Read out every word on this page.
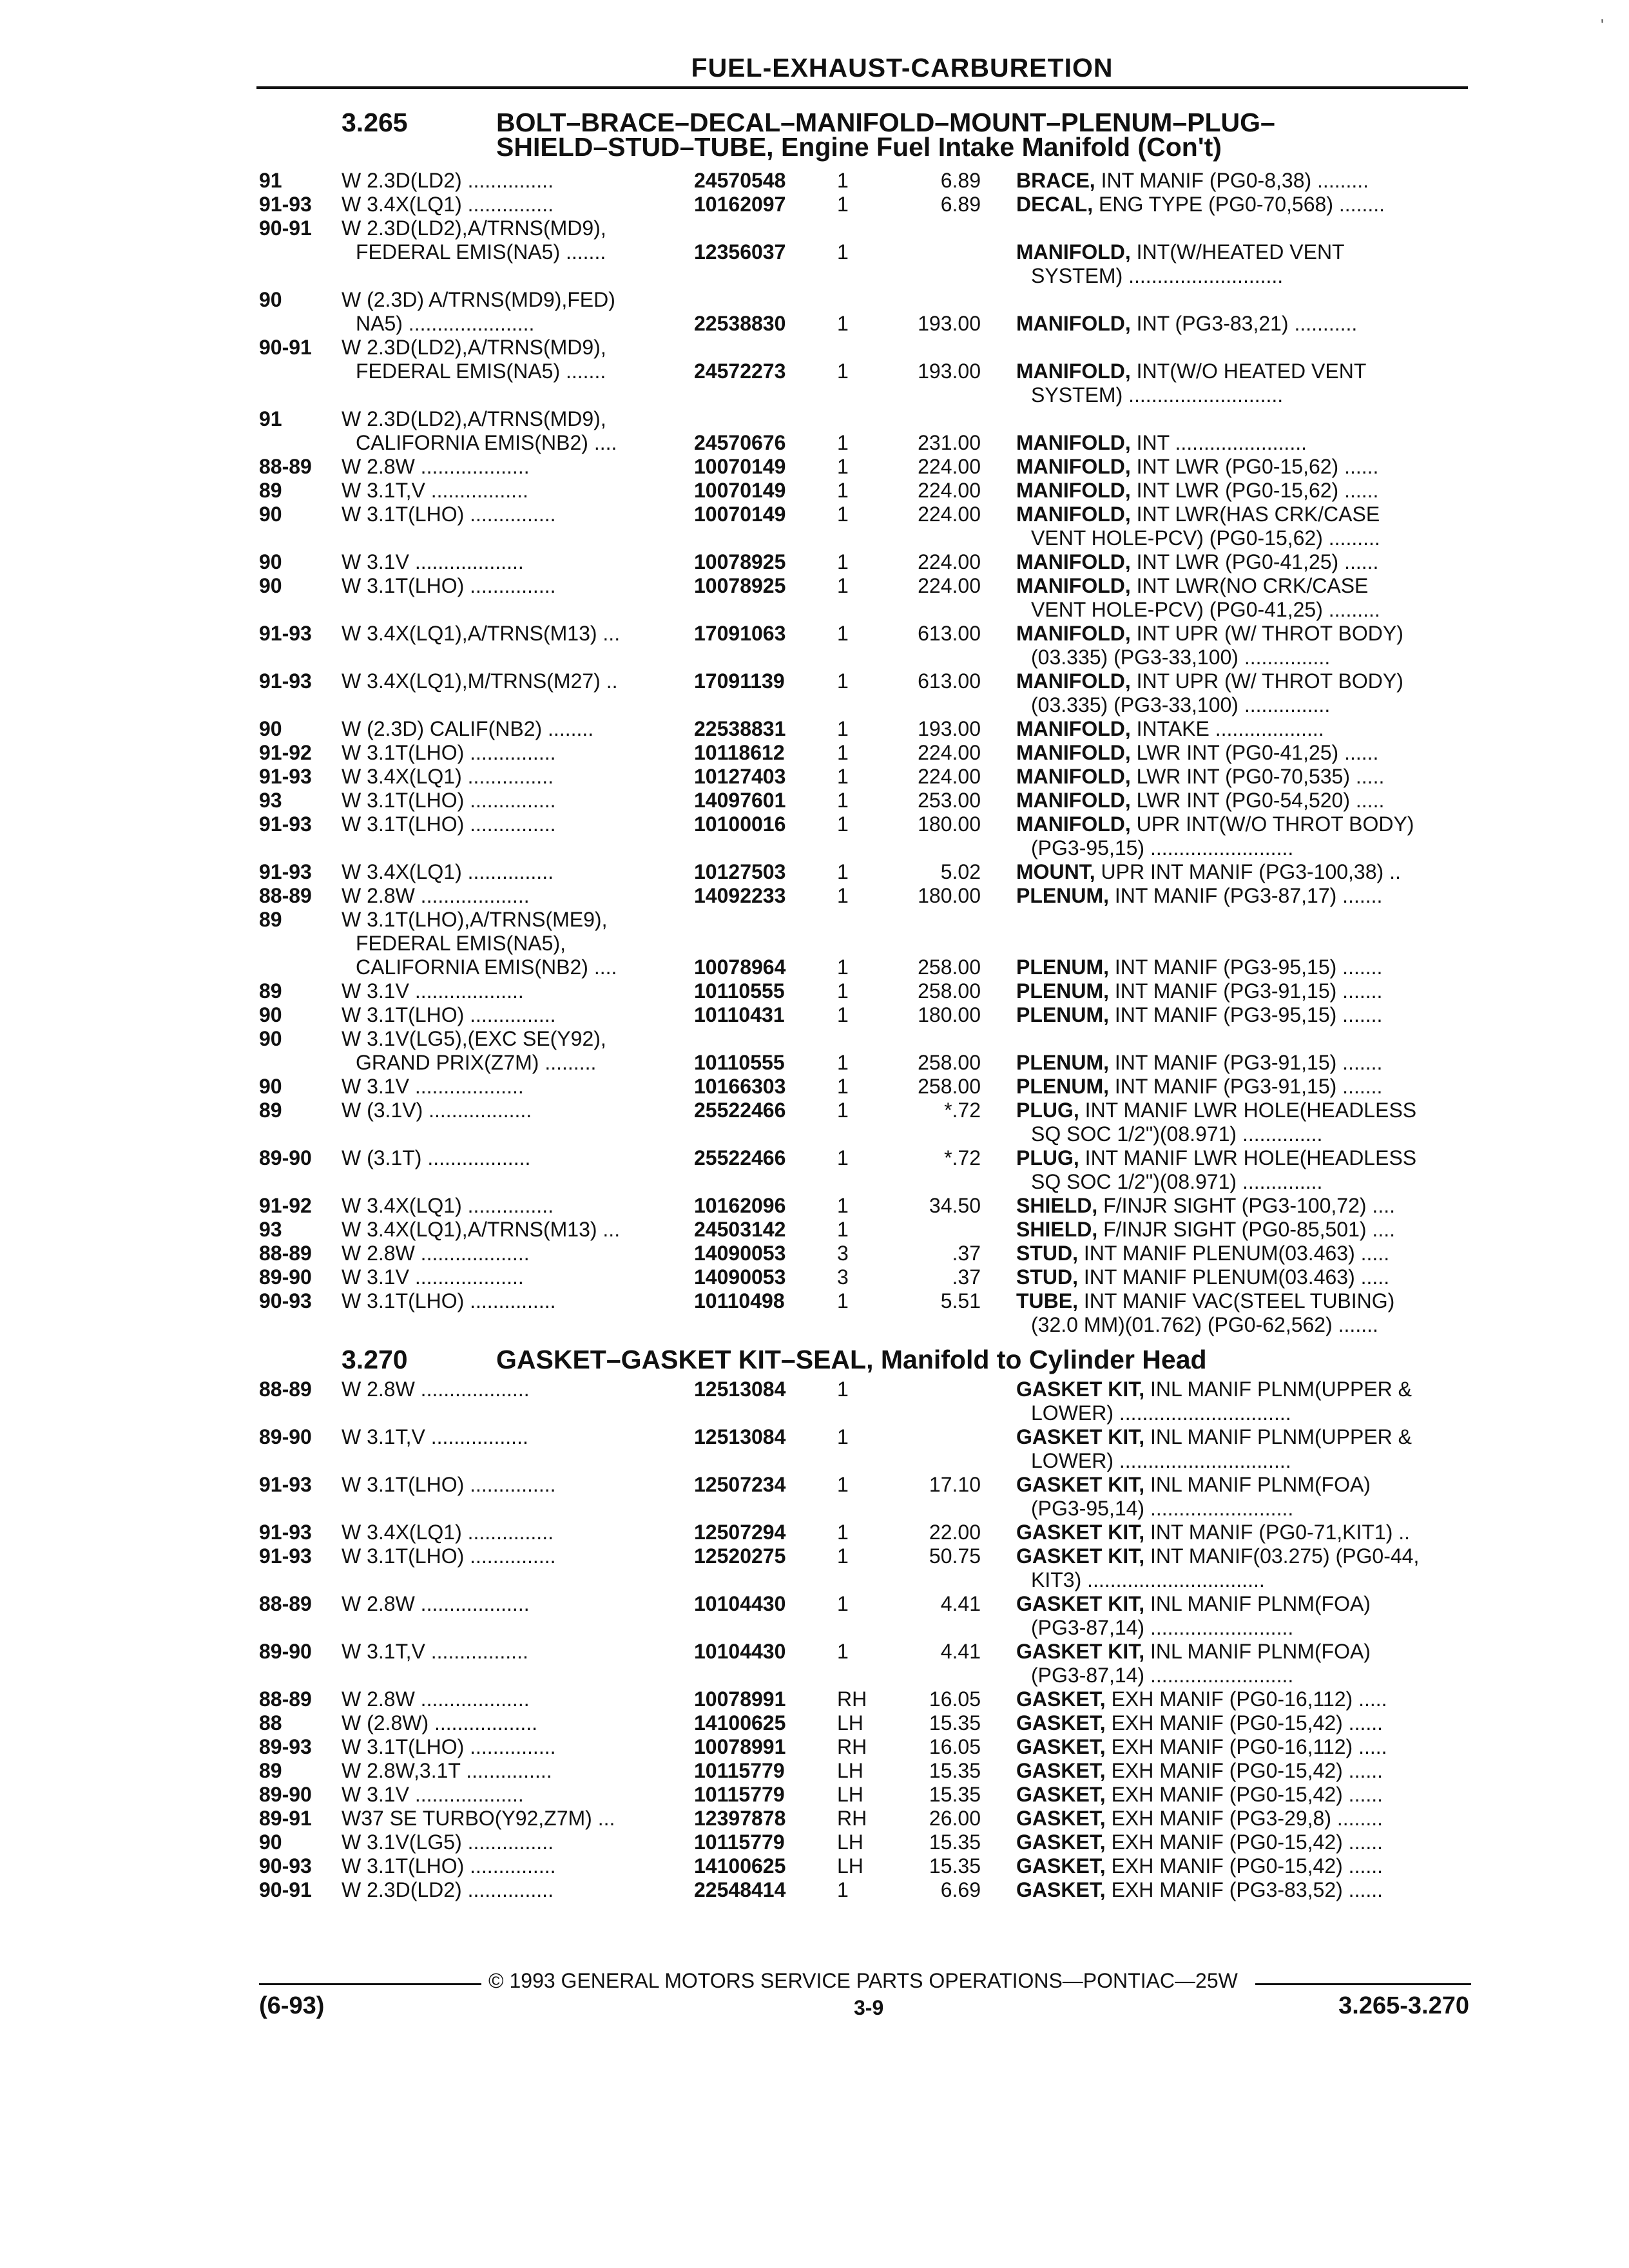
'
FUEL-EXHAUST-CARBURETION
3.265	BOLT–BRACE–DECAL–MANIFOLD–MOUNT–PLENUM–PLUG–
SHIELD–STUD–TUBE, Engine Fuel Intake Manifold (Con't)
91	W 2.3D(LD2) ...............	24570548 1	6.89 BRACE, INT MANIF (PG0-8,38) .........
91-93 W 3.4X(LQ1) ...............	10162097 1	6.89 DECAL, ENG TYPE (PG0-70,568) ........
90-91 W 2.3D(LD2),A/TRNS(MD9),
FEDERAL EMIS(NA5) .......	12356037 1	MANIFOLD, INT(W/HEATED VENT
SYSTEM) ...........................
90	W (2.3D) A/TRNS(MD9),FED)
NA5) ......................	22538830 1	193.00 MANIFOLD, INT (PG3-83,21) ...........
90-91 W 2.3D(LD2),A/TRNS(MD9),
FEDERAL EMIS(NA5) .......	24572273 1	193.00 MANIFOLD, INT(W/O HEATED VENT
SYSTEM) ...........................
91	W 2.3D(LD2),A/TRNS(MD9),
CALIFORNIA EMIS(NB2) ....	24570676 1	231.00 MANIFOLD, INT .......................
88-89 W 2.8W ...................	10070149 1	224.00 MANIFOLD, INT LWR (PG0-15,62) ......
89	W 3.1T,V .................	10070149 1	224.00 MANIFOLD, INT LWR (PG0-15,62) ......
90	W 3.1T(LHO) ...............	10070149 1	224.00 MANIFOLD, INT LWR(HAS CRK/CASE
VENT HOLE-PCV) (PG0-15,62) .........
90	W 3.1V ...................	10078925 1	224.00 MANIFOLD, INT LWR (PG0-41,25) ......
90	W 3.1T(LHO) ...............	10078925 1	224.00 MANIFOLD, INT LWR(NO CRK/CASE
VENT HOLE-PCV) (PG0-41,25) .........
91-93 W 3.4X(LQ1),A/TRNS(M13) ...	17091063 1	613.00 MANIFOLD, INT UPR (W/ THROT BODY)
(03.335) (PG3-33,100) ...............
91-93 W 3.4X(LQ1),M/TRNS(M27) ..	17091139	1	613.00 MANIFOLD, INT UPR (W/ THROT BODY)
(03.335) (PG3-33,100) ...............
90	W (2.3D) CALIF(NB2) ........	22538831 1	193.00 MANIFOLD, INTAKE ...................
91-92 W 3.1T(LHO) ...............	10118612	1	224.00 MANIFOLD, LWR INT (PG0-41,25) ......
91-93 W 3.4X(LQ1) ...............	10127403 1	224.00 MANIFOLD, LWR INT (PG0-70,535) .....
93	W 3.1T(LHO) ...............	14097601 1	253.00 MANIFOLD, LWR INT (PG0-54,520) .....
91-93 W 3.1T(LHO) ...............	10100016 1	180.00 MANIFOLD, UPR INT(W/O THROT BODY)
(PG3-95,15) .........................
91-93 W 3.4X(LQ1) ...............	10127503 1	5.02 MOUNT, UPR INT MANIF (PG3-100,38) ..
88-89 W 2.8W ...................	14092233 1	180.00 PLENUM, INT MANIF (PG3-87,17) .......
89	W 3.1T(LHO),A/TRNS(ME9),
FEDERAL EMIS(NA5),
CALIFORNIA EMIS(NB2) ....	10078964 1	258.00 PLENUM, INT MANIF (PG3-95,15) .......
89	W 3.1V ...................	10110555	1	258.00 PLENUM, INT MANIF (PG3-91,15) .......
90	W 3.1T(LHO) ...............	10110431	1	180.00 PLENUM, INT MANIF (PG3-95,15) .......
90	W 3.1V(LG5),(EXC SE(Y92),
GRAND PRIX(Z7M) .........	10110555	1	258.00 PLENUM, INT MANIF (PG3-91,15) .......
90	W 3.1V ...................	10166303 1	258.00 PLENUM, INT MANIF (PG3-91,15) .......
89	W (3.1V) ..................	25522466 1	*.72 PLUG, INT MANIF LWR HOLE(HEADLESS
SQ SOC 1/2")(08.971) ..............
89-90 W (3.1T) ..................	25522466 1	*.72 PLUG, INT MANIF LWR HOLE(HEADLESS
SQ SOC 1/2")(08.971) ..............
91-92 W 3.4X(LQ1) ...............	10162096 1	34.50 SHIELD, F/INJR SIGHT (PG3-100,72) ....
93	W 3.4X(LQ1),A/TRNS(M13) ...	24503142 1	SHIELD, F/INJR SIGHT (PG0-85,501) ....
88-89 W 2.8W ...................	14090053 3	.37 STUD, INT MANIF PLENUM(03.463) .....
89-90 W 3.1V ...................	14090053 3	.37 STUD, INT MANIF PLENUM(03.463) .....
90-93 W 3.1T(LHO) ...............	10110498	1	5.51 TUBE, INT MANIF VAC(STEEL TUBING)
(32.0 MM)(01.762) (PG0-62,562) .......
3.270	GASKET–GASKET KIT–SEAL, Manifold to Cylinder Head
88-89 W 2.8W ...................	12513084 1	GASKET KIT, INL MANIF PLNM(UPPER &
LOWER) ..............................
89-90 W 3.1T,V .................	12513084 1	GASKET KIT, INL MANIF PLNM(UPPER &
LOWER) ..............................
91-93 W 3.1T(LHO) ...............	12507234 1	17.10 GASKET KIT, INL MANIF PLNM(FOA)
(PG3-95,14) .........................
91-93 W 3.4X(LQ1) ...............	12507294 1	22.00 GASKET KIT, INT MANIF (PG0-71,KIT1) ..
91-93 W 3.1T(LHO) ...............	12520275 1	50.75 GASKET KIT, INT MANIF(03.275) (PG0-44,
KIT3) ...............................
88-89 W 2.8W ...................	10104430 1	4.41 GASKET KIT, INL MANIF PLNM(FOA)
(PG3-87,14) .........................
89-90 W 3.1T,V .................	10104430 1	4.41 GASKET KIT, INL MANIF PLNM(FOA)
(PG3-87,14) .........................
88-89 W 2.8W ...................	10078991 RH	16.05 GASKET, EXH MANIF (PG0-16,112) .....
88	W (2.8W) ..................	14100625 LH	15.35 GASKET, EXH MANIF (PG0-15,42) ......
89-93 W 3.1T(LHO) ...............	10078991 RH	16.05 GASKET, EXH MANIF (PG0-16,112) .....
89	W 2.8W,3.1T ...............	10115779	LH	15.35 GASKET, EXH MANIF (PG0-15,42) ......
89-90 W 3.1V ...................	10115779	LH	15.35 GASKET, EXH MANIF (PG0-15,42) ......
89-91 W37 SE TURBO(Y92,Z7M) ...	12397878 RH	26.00 GASKET, EXH MANIF (PG3-29,8) ........
90	W 3.1V(LG5) ...............	10115779	LH	15.35 GASKET, EXH MANIF (PG0-15,42) ......
90-93 W 3.1T(LHO) ...............	14100625 LH	15.35 GASKET, EXH MANIF (PG0-15,42) ......
90-91 W 2.3D(LD2) ...............	22548414 1	6.69 GASKET, EXH MANIF (PG3-83,52) ......
© 1993 GENERAL MOTORS SERVICE PARTS OPERATIONS—PONTIAC—25W
(6-93)	3-9	3.265-3.270
